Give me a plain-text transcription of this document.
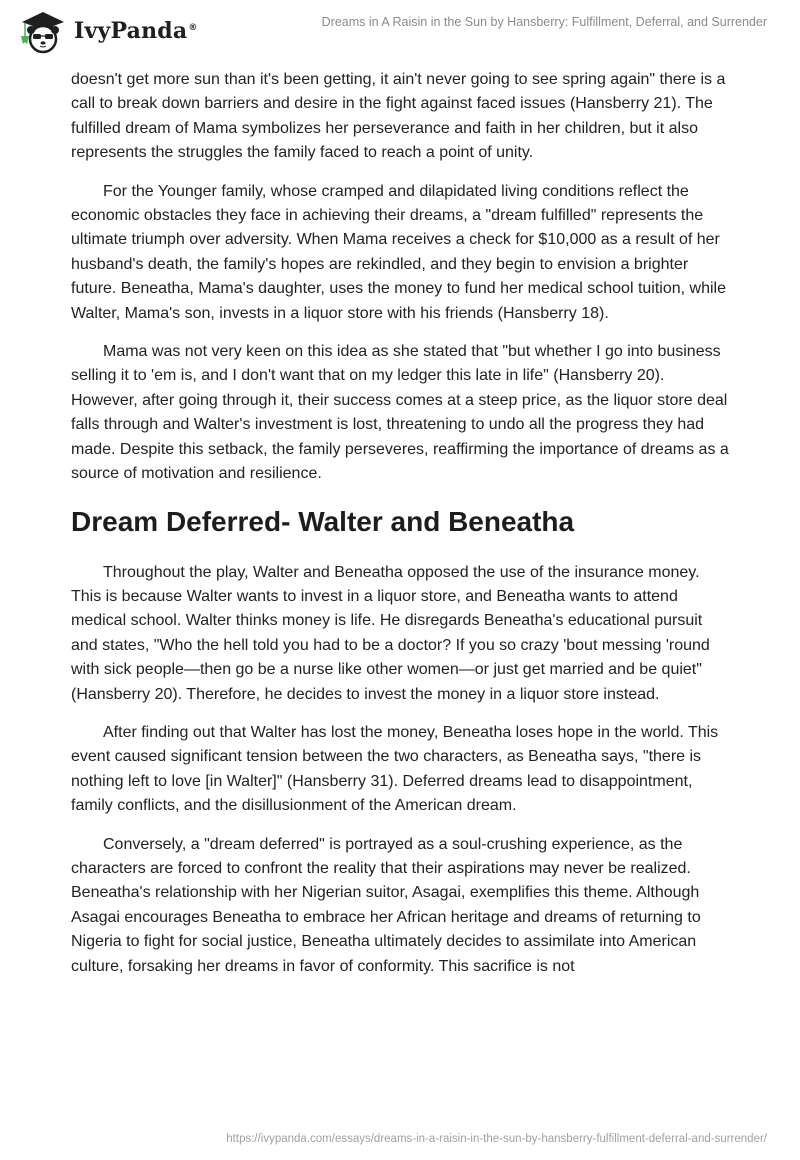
IvyPanda®	Dreams in A Raisin in the Sun by Hansberry: Fulfillment, Deferral, and Surrender

doesn't get more sun than it's been getting, it ain't never going to see spring again" there is a call to break down barriers and desire in the fight against faced issues (Hansberry 21). The fulfilled dream of Mama symbolizes her perseverance and faith in her children, but it also represents the struggles the family faced to reach a point of unity.

For the Younger family, whose cramped and dilapidated living conditions reflect the economic obstacles they face in achieving their dreams, a "dream fulfilled" represents the ultimate triumph over adversity. When Mama receives a check for $10,000 as a result of her husband's death, the family's hopes are rekindled, and they begin to envision a brighter future. Beneatha, Mama's daughter, uses the money to fund her medical school tuition, while Walter, Mama's son, invests in a liquor store with his friends (Hansberry 18).

Mama was not very keen on this idea as she stated that "but whether I go into business selling it to 'em is, and I don't want that on my ledger this late in life" (Hansberry 20). However, after going through it, their success comes at a steep price, as the liquor store deal falls through and Walter's investment is lost, threatening to undo all the progress they had made. Despite this setback, the family perseveres, reaffirming the importance of dreams as a source of motivation and resilience.

Dream Deferred- Walter and Beneatha

Throughout the play, Walter and Beneatha opposed the use of the insurance money. This is because Walter wants to invest in a liquor store, and Beneatha wants to attend medical school. Walter thinks money is life. He disregards Beneatha's educational pursuit and states, "Who the hell told you had to be a doctor? If you so crazy 'bout messing 'round with sick people—then go be a nurse like other women—or just get married and be quiet" (Hansberry 20). Therefore, he decides to invest the money in a liquor store instead.

After finding out that Walter has lost the money, Beneatha loses hope in the world. This event caused significant tension between the two characters, as Beneatha says, "there is nothing left to love [in Walter]" (Hansberry 31). Deferred dreams lead to disappointment, family conflicts, and the disillusionment of the American dream.

Conversely, a "dream deferred" is portrayed as a soul-crushing experience, as the characters are forced to confront the reality that their aspirations may never be realized. Beneatha's relationship with her Nigerian suitor, Asagai, exemplifies this theme. Although Asagai encourages Beneatha to embrace her African heritage and dreams of returning to Nigeria to fight for social justice, Beneatha ultimately decides to assimilate into American culture, forsaking her dreams in favor of conformity. This sacrifice is not

https://ivypanda.com/essays/dreams-in-a-raisin-in-the-sun-by-hansberry-fulfillment-deferral-and-surrender/
